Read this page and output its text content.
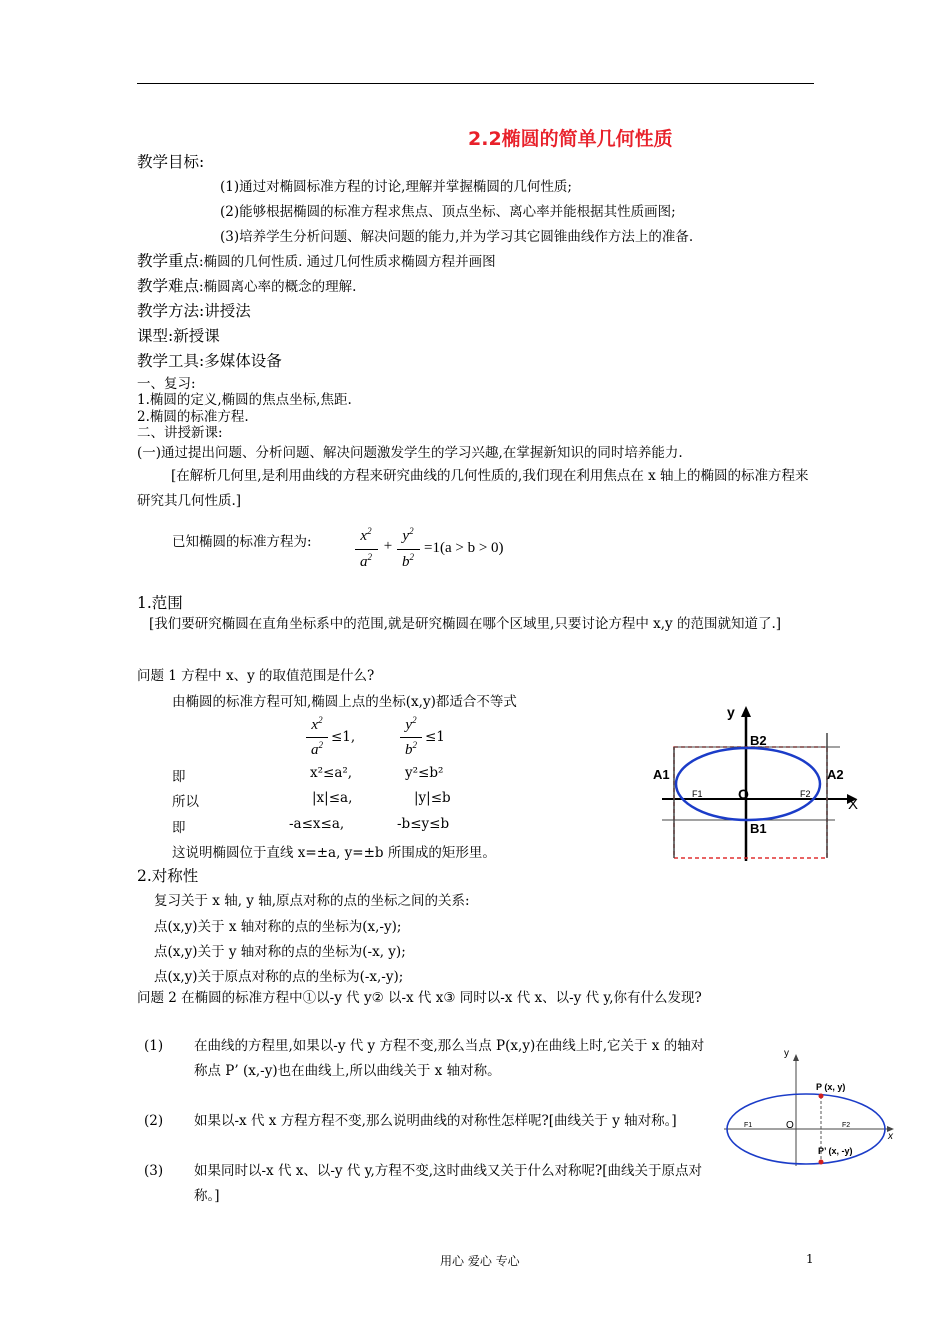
2.2椭圆的简单几何性质
教学目标:
(1)通过对椭圆标准方程的讨论,理解并掌握椭圆的几何性质;
(2)能够根据椭圆的标准方程求焦点、顶点坐标、离心率并能根据其性质画图;
(3)培养学生分析问题、解决问题的能力,并为学习其它圆锥曲线作方法上的准备.
教学重点:椭圆的几何性质. 通过几何性质求椭圆方程并画图
教学难点:椭圆离心率的概念的理解.
教学方法:讲授法
课型:新授课
教学工具:多媒体设备
一、复习:
1.椭圆的定义,椭圆的焦点坐标,焦距.
2.椭圆的标准方程.
二、讲授新课:
(一)通过提出问题、分析问题、解决问题激发学生的学习兴趣,在掌握新知识的同时培养能力.
[在解析几何里,是利用曲线的方程来研究曲线的几何性质的,我们现在利用焦点在 x 轴上的椭圆的标准方程来研究其几何性质.]
已知椭圆的标准方程为:	$x^2$
$a^2$
+
$y^2$
$b^2$
=1(a > b > 0)
1.范围
[我们要研究椭圆在直角坐标系中的范围,就是研究椭圆在哪个区域里,只要讨论方程中 x,y 的范围就知道了.]
问题 1 方程中 x、y 的取值范围是什么?
由椭圆的标准方程可知,椭圆上点的坐标(x,y)都适合不等式
$x^2$
$a^2 \le 1$,
$y^2$
$b^2 \le 1$
即	x²≤a²,	y²≤b²
所以	|x|≤a,	|y|≤b
即	-a≤x≤a,	-b≤y≤b
这说明椭圆位于直线 x=±a, y=±b 所围成的矩形里。
y
X
O
B2
B1
A1	A2
F1	F2
2.对称性
复习关于 x 轴, y 轴,原点对称的点的坐标之间的关系:
点(x,y)关于 x 轴对称的点的坐标为(x,-y);
点(x,y)关于 y 轴对称的点的坐标为(-x, y);
点(x,y)关于原点对称的点的坐标为(-x,-y);
问题 2 在椭圆的标准方程中①以-y 代 y② 以-x 代 x③ 同时以-x 代 x、以-y 代 y,你有什么发现?
(1) 在曲线的方程里,如果以-y 代 y 方程不变,那么当点 P(x,y)在曲线上时,它关于 x 的轴对称点 P’ (x,-y)也在曲线上,所以曲线关于 x 轴对称。
(2) 如果以-x 代 x 方程方程不变,那么说明曲线的对称性怎样呢?[曲线关于 y 轴对称。]
(3) 如果同时以-x 代 x、以-y 代 y,方程不变,这时曲线又关于什么对称呢?[曲线关于原点对称。]
y
x
O
P (x, y)
P’ (x, -y)
F1	F2
用心 爱心 专心	1
